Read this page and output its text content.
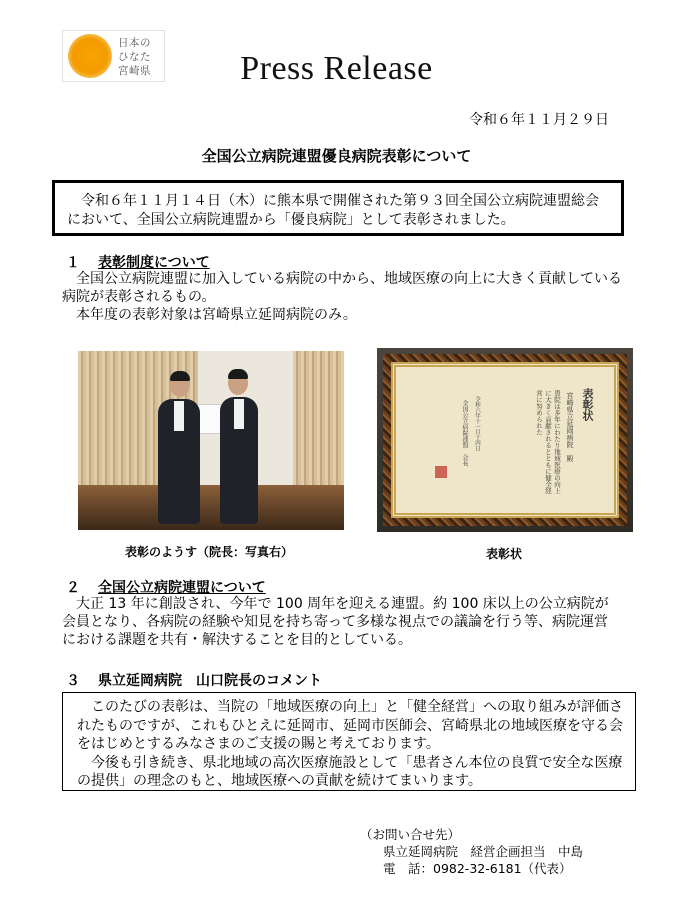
日本の
ひなた
宮崎県	Press Release
令和６年１１月２９日
全国公立病院連盟優良病院表彰について

令和６年１１月１４日（木）に熊本県で開催された第９３回全国公立病院連盟総会において、全国公立病院連盟から「優良病院」として表彰されました。

１ 表彰制度について

全国公立病院連盟に加入している病院の中から、地域医療の向上に大きく貢献している病院が表彰されるもの。

本年度の表彰対象は宮崎県立延岡病院のみ。

表彰状
宮崎県立延岡病院　殿
貴院は多年にわたり地域医療の向上に大きく貢献されるとともに健全経営に努められた
令和六年十一月十四日
全国公立病院連盟　会長
表彰のようす（院長：写真右）	表彰状
２ 全国公立病院連盟について

大正 13 年に創設され、今年で 100 周年を迎える連盟。約 100 床以上の公立病院が会員となり、各病院の経験や知見を持ち寄って多様な視点での議論を行う等、病院運営における課題を共有・解決することを目的としている。

３ 県立延岡病院　山口院長のコメント

このたびの表彰は、当院の「地域医療の向上」と「健全経営」への取り組みが評価されたものですが、これもひとえに延岡市、延岡市医師会、宮崎県北の地域医療を守る会をはじめとするみなさまのご支援の賜と考えております。

今後も引き続き、県北地域の高次医療施設として「患者さん本位の良質で安全な医療の提供」の理念のもと、地域医療への貢献を続けてまいります。

（お問い合せ先）
県立延岡病院　経営企画担当　中島
電　話：0982-32-6181（代表）
